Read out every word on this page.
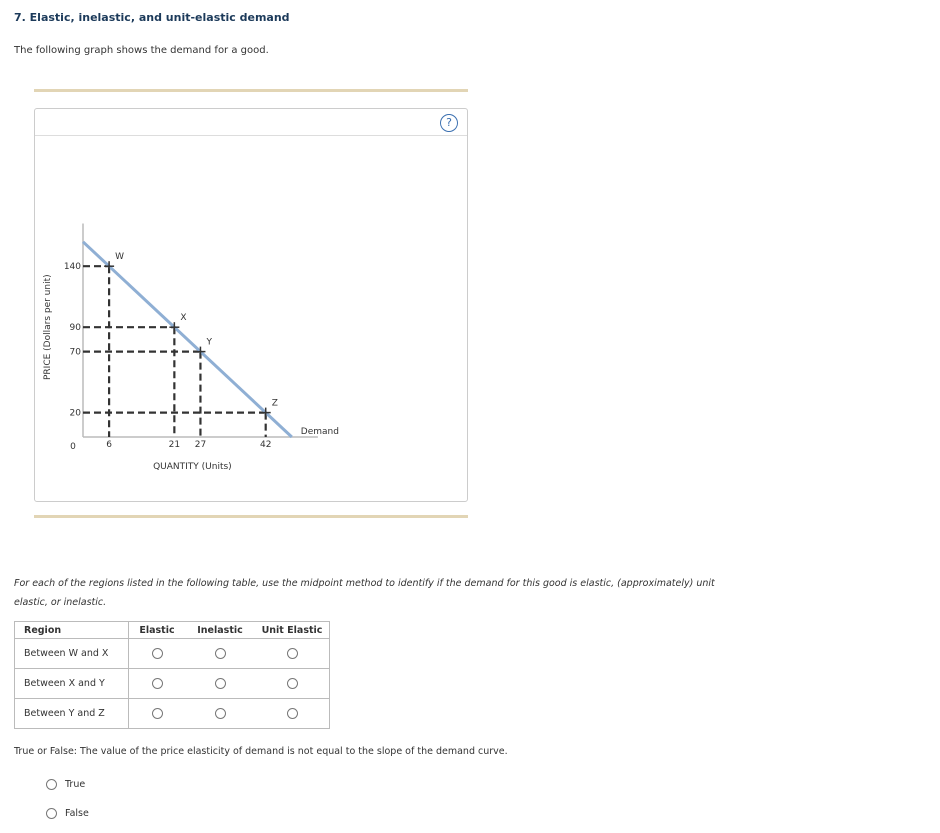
7. Elastic, inelastic, and unit-elastic demand
The following graph shows the demand for a good.
?
Demand
W
X
Y
Z
140
90
70
20
6	21 27	42
0
QUANTITY (Units)
PRICE (Dollars per unit)
For each of the regions listed in the following table, use the midpoint method to identify if the demand for this good is elastic, (approximately) unit elastic, or inelastic.
Region	Elastic	Inelastic	Unit Elastic
Between W and X			
Between X and Y			
Between Y and Z			
True or False: The value of the price elasticity of demand is not equal to the slope of the demand curve.
True
False
